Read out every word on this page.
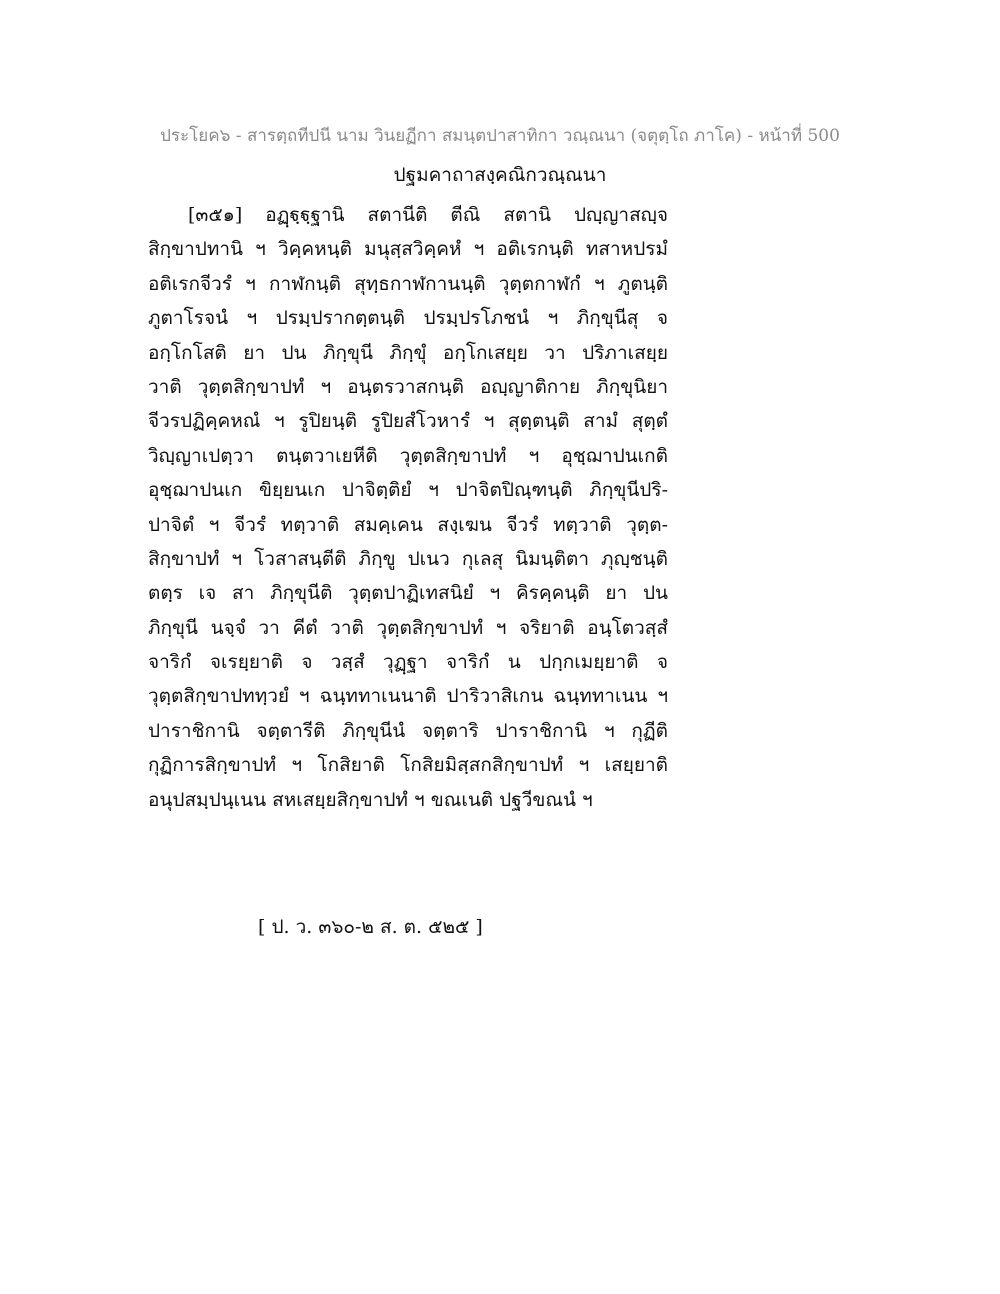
ประโยค๖ - สารตฺถทีปนี นาม วินยฏีกา สมนฺตปาสาทิกา วณฺณนา (จตุตฺโถ ภาโค) - หน้าที่ 500
ปฐมคาถาสงฺคณิกวณฺณนา
[๓๕๑] อฏฺฐฺฐฺฐานิ สตานีติ ตีณิ สตานิ ปญฺญาสญฺจ
สิกฺขาปทานิ ฯ วิคฺคหนฺติ มนุสฺสวิคฺคหํ ฯ อติเรกนฺติ ทสาหปรมํ
อติเรกจีวรํ ฯ กาฬกนฺติ สุทฺธกาฬกานนฺติ วุตฺตกาฬกํ ฯ ภูตนฺติ
ภูตาโรจนํ ฯ ปรมฺปรากตฺตนฺติ ปรมฺปรโภชนํ ฯ ภิกฺขุนีสุ จ
อกฺโกโสติ ยา ปน ภิกฺขุนี ภิกฺขุํ อกฺโกเสยฺย วา ปริภาเสยฺย
วาติ วุตฺตสิกฺขาปทํ ฯ อนฺตรวาสกนฺติ อญฺญาติกาย ภิกฺขุนิยา
จีวรปฏิคฺคหณํ ฯ รูปิยนฺติ รูปิยสํโวหารํ ฯ สุตฺตนฺติ สามํ สุตฺตํ
วิญฺญาเปตฺวา ตนฺตวาเยหีติ วุตฺตสิกฺขาปทํ ฯ อุชฺฌาปนเกติ
อุชฺฌาปนเก ขิยฺยนเก ปาจิตฺติยํ ฯ ปาจิตปิณฺฑนฺติ ภิกฺขุนีปริ-
ปาจิตํ ฯ จีวรํ ทตฺวาติ สมคฺเคน สงฺเฆน จีวรํ ทตฺวาติ วุตฺต-
สิกฺขาปทํ ฯ โวสาสนฺตีติ ภิกฺขู ปเนว กุเลสุ นิมนฺติตา ภุญฺชนฺติ
ตตฺร เจ สา ภิกฺขุนีติ วุตฺตปาฏิเทสนิยํ ฯ คิรคฺคนฺติ ยา ปน
ภิกฺขุนี นจฺจํ วา คีตํ วาติ วุตฺตสิกฺขาปทํ ฯ จริยาติ อนฺโตวสฺสํ
จาริกํ จเรยฺยาติ จ วสฺสํ วุฏฺฐา จาริกํ น ปกฺกเมยฺยาติ จ
วุตฺตสิกฺขาปททฺวยํ ฯ ฉนฺททาเนนาติ ปาริวาสิเกน ฉนฺททาเนน ฯ
ปาราชิกานิ จตฺตารีติ ภิกฺขุนีนํ จตฺตาริ ปาราชิกานิ ฯ กุฏีติ
กุฏิการสิกฺขาปทํ ฯ โกสิยาติ โกสิยมิสฺสกสิกฺขาปทํ ฯ เสยฺยาติ
อนุปสมฺปนฺเนน สหเสยฺยสิกฺขาปทํ ฯ ขณเนติ ปฐวีขณนํ ฯ
[ ป. ว. ๓๖๐-๒ ส. ต. ๕๒๕ ]
